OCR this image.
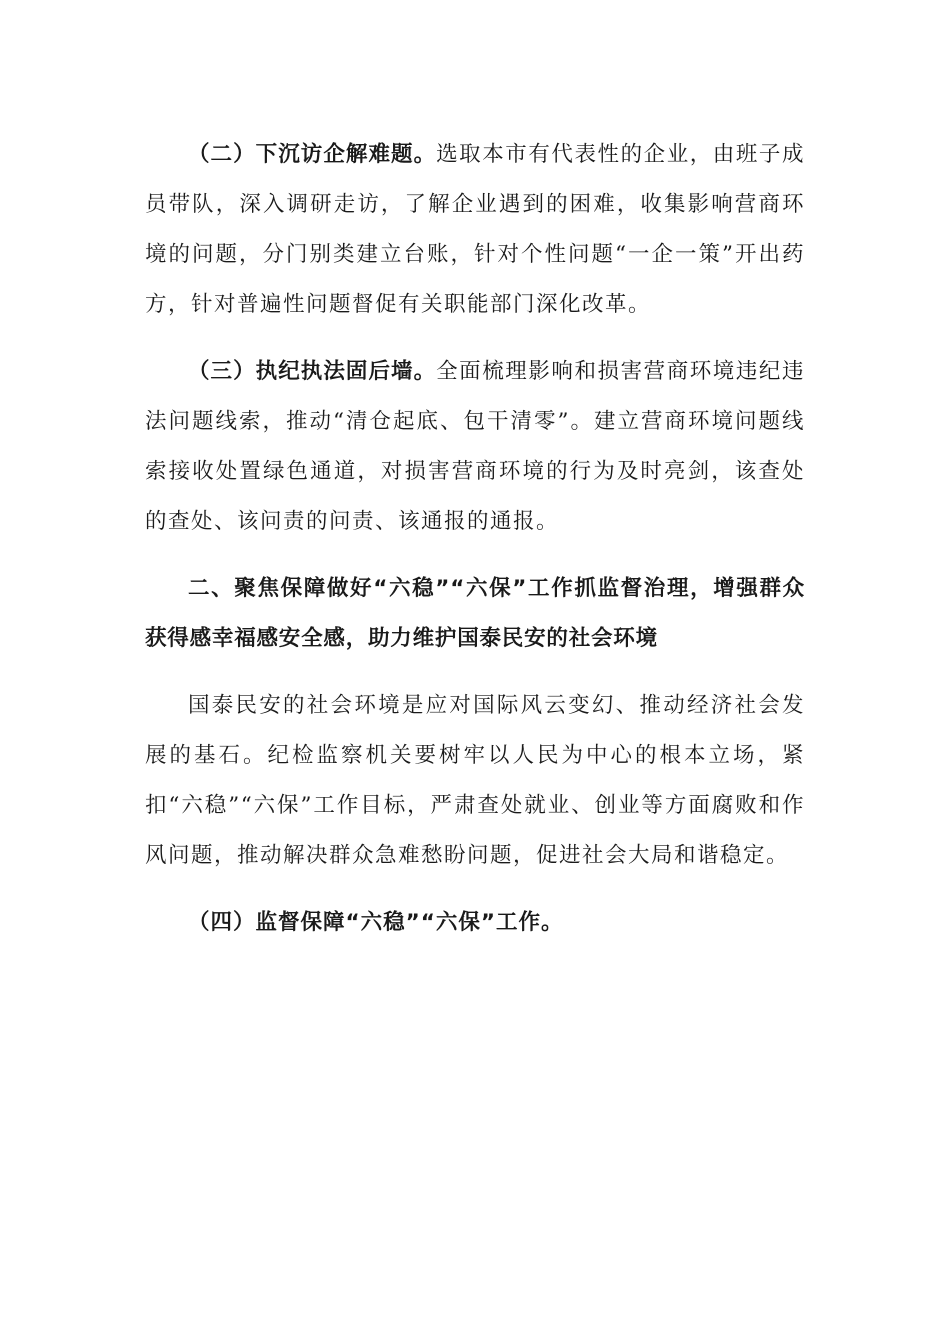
（二）下沉访企解难题。选取本市有代表性的企业，由班子成员带队，深入调研走访，了解企业遇到的困难，收集影响营商环境的问题，分门别类建立台账，针对个性问题“一企一策”开出药方，针对普遍性问题督促有关职能部门深化改革。

（三）执纪执法固后墙。全面梳理影响和损害营商环境违纪违法问题线索，推动“清仓起底、包干清零”。建立营商环境问题线索接收处置绿色通道，对损害营商环境的行为及时亮剑，该查处的查处、该问责的问责、该通报的通报。

二、聚焦保障做好“六稳”“六保”工作抓监督治理，增强群众获得感幸福感安全感，助力维护国泰民安的社会环境

国泰民安的社会环境是应对国际风云变幻、推动经济社会发展的基石。纪检监察机关要树牢以人民为中心的根本立场，紧扣“六稳”“六保”工作目标，严肃查处就业、创业等方面腐败和作风问题，推动解决群众急难愁盼问题，促进社会大局和谐稳定。

（四）监督保障“六稳”“六保”工作。
